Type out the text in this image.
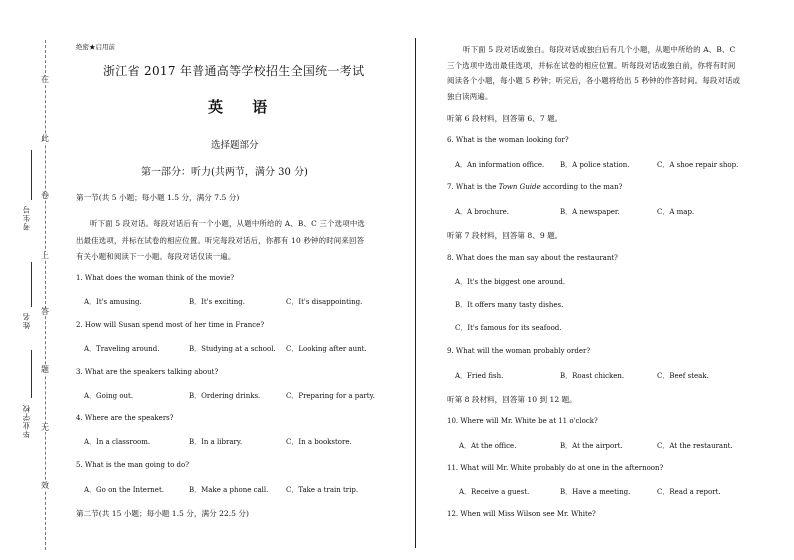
在
此
卷
上
答
题
无
效
考生号
姓名
毕业学校
绝密★启用前
浙江省 2017 年普通高等学校招生全国统一考试
英 语
选择题部分
第一部分：听力(共两节，满分 30 分)
第一节(共 5 小题；每小题 1.5 分，满分 7.5 分)
听下面 5 段对话。每段对话后有一个小题，从题中所给的 A、B、C 三个选项中选
出最佳选项，并标在试卷的相应位置。听完每段对话后，你都有 10 秒钟的时间来回答
有关小题和阅读下一小题。每段对话仅读一遍。
1. What does the woman think of the movie?
A．It's amusing.	B．It's exciting.	C．It's disappointing.
2. How will Susan spend most of her time in France?
A．Traveling around.	B．Studying at a school. C．Looking after aunt.
3. What are the speakers talking about?
A．Going out.	B．Ordering drinks.	C．Preparing for a party.
4. Where are the speakers?
A．In a classroom.	B．In a library.	C．In a bookstore.
5. What is the man going to do?
A．Go on the Internet.	B．Make a phone call.	C．Take a train trip.
第二节(共 15 小题；每小题 1.5 分，满分 22.5 分)
听下面 5 段对话或独白。每段对话或独白后有几个小题，从题中所给的 A、B、C
三个选项中选出最佳选项，并标在试卷的相应位置。听每段对话或独白前，你将有时间
阅读各个小题，每小题 5 秒钟；听完后，各小题将给出 5 秒钟的作答时间。每段对话或
独白读两遍。
听第 6 段材料，回答第 6、7 题。
6. What is the woman looking for?
A．An information office. B．A police station.	C．A shoe repair shop.
7. What is the Town Guide according to the man?
A．A brochure.	B．A newspaper.	C．A map.
听第 7 段材料，回答第 8、9 题。
8. What does the man say about the restaurant?
A．It's the biggest one around.
B．It offers many tasty dishes.
C．It's famous for its seafood.
9. What will the woman probably order?
A．Fried fish.	B．Roast chicken.	C．Beef steak.
听第 8 段材料，回答第 10 到 12 题。
10. Where will Mr. White be at 11 o'clock?
A．At the office.	B．At the airport.	C．At the restaurant.
11. What will Mr. White probably do at one in the afternoon?
A．Receive a guest.	B．Have a meeting.	C．Read a report.
12. When will Miss Wilson see Mr. White?
